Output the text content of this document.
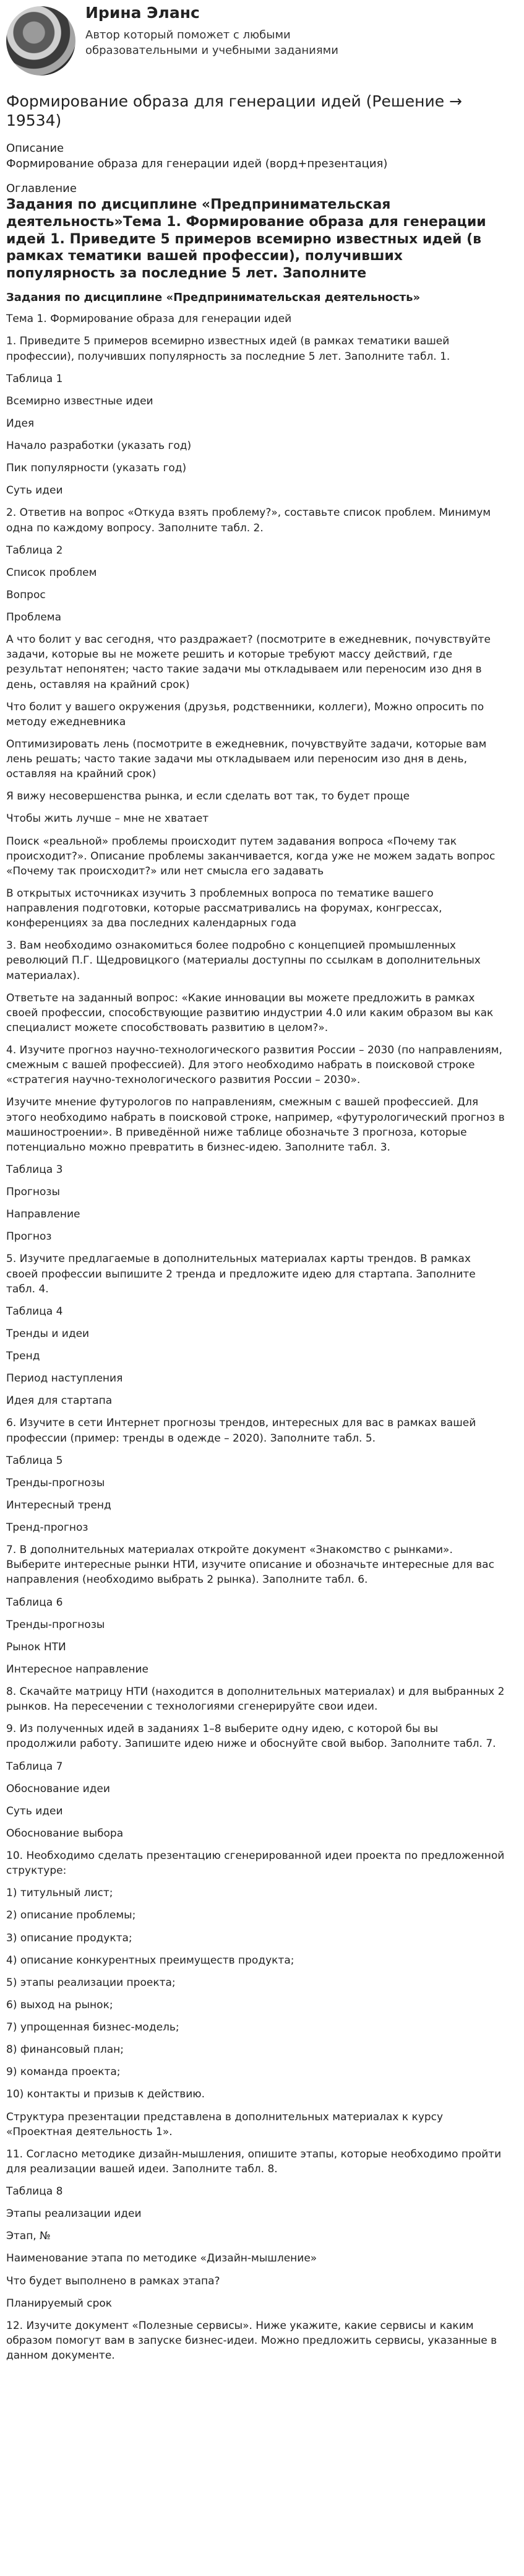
Ирина Эланс
Автор который поможет с любыми образовательными и учебными заданиями
Формирование образа для генерации идей (Решение → 19534)
Описание
Формирование образа для генерации идей (ворд+презентация)
Оглавление
Задания по дисциплине «Предпринимательская деятельность»Тема 1. Формирование образа для генерации идей 1. Приведите 5 примеров всемирно известных идей (в рамках тематики вашей профессии), получивших популярность за последние 5 лет. Заполните
Задания по дисциплине «Предпринимательская деятельность»
Тема 1. Формирование образа для генерации идей
1. Приведите 5 примеров всемирно известных идей (в рамках тематики вашей профессии), получивших популярность за последние 5 лет. Заполните табл. 1.
Таблица 1
Всемирно известные идеи
Идея
Начало разработки (указать год)
Пик популярности (указать год)
Суть идеи
2. Ответив на вопрос «Откуда взять проблему?», составьте список проблем. Минимум одна по каждому вопросу. Заполните табл. 2.
Таблица 2
Список проблем
Вопрос
Проблема
А что болит у вас сегодня, что раздражает? (посмотрите в ежедневник, почувствуйте задачи, которые вы не можете решить и которые требуют массу действий, где результат непонятен; часто такие задачи мы откладываем или переносим изо дня в день, оставляя на крайний срок)
Что болит у вашего окружения (друзья, родственники, коллеги), Можно опросить по методу ежедневника
Оптимизировать лень (посмотрите в ежедневник, почувствуйте задачи, которые вам лень решать; часто такие задачи мы откладываем или переносим изо дня в день, оставляя на крайний срок)
Я вижу несовершенства рынка, и если сделать вот так, то будет проще
Чтобы жить лучше – мне не хватает
Поиск «реальной» проблемы происходит путем задавания вопроса «Почему так происходит?». Описание проблемы заканчивается, когда уже не можем задать вопрос «Почему так происходит?» или нет смысла его задавать
В открытых источниках изучить 3 проблемных вопроса по тематике вашего направления подготовки, которые рассматривались на форумах, конгрессах, конференциях за два последних календарных года
3. Вам необходимо ознакомиться более подробно с концепцией промышленных революций П.Г. Щедровицкого (материалы доступны по ссылкам в дополнительных материалах).
Ответьте на заданный вопрос: «Какие инновации вы можете предложить в рамках своей профессии, способствующие развитию индустрии 4.0 или каким образом вы как специалист можете способствовать развитию в целом?».
4. Изучите прогноз научно-технологического развития России – 2030 (по направлениям, смежным с вашей профессией). Для этого необходимо набрать в поисковой строке «стратегия научно-технологического развития России – 2030».
Изучите мнение футурологов по направлениям, смежным с вашей профессией. Для этого необходимо набрать в поисковой строке, например, «футурологический прогноз в машиностроении». В приведённой ниже таблице обозначьте 3 прогноза, которые потенциально можно превратить в бизнес-идею. Заполните табл. 3.
Таблица 3
Прогнозы
Направление
Прогноз
5. Изучите предлагаемые в дополнительных материалах карты трендов. В рамках своей профессии выпишите 2 тренда и предложите идею для стартапа. Заполните табл. 4.
Таблица 4
Тренды и идеи
Тренд
Период наступления
Идея для стартапа
6. Изучите в сети Интернет прогнозы трендов, интересных для вас в рамках вашей профессии (пример: тренды в одежде – 2020). Заполните табл. 5.
Таблица 5
Тренды-прогнозы
Интересный тренд
Тренд-прогноз
7. В дополнительных материалах откройте документ «Знакомство с рынками». Выберите интересные рынки НТИ, изучите описание и обозначьте интересные для вас направления (необходимо выбрать 2 рынка). Заполните табл. 6.
Таблица 6
Тренды-прогнозы
Рынок НТИ
Интересное направление
8. Скачайте матрицу НТИ (находится в дополнительных материалах) и для выбранных 2 рынков. На пересечении с технологиями сгенерируйте свои идеи.
9. Из полученных идей в заданиях 1–8 выберите одну идею, с которой бы вы продолжили работу. Запишите идею ниже и обоснуйте свой выбор. Заполните табл. 7.
Таблица 7
Обоснование идеи
Суть идеи
Обоснование выбора
10. Необходимо сделать презентацию сгенерированной идеи проекта по предложенной структуре:
1) титульный лист;
2) описание проблемы;
3) описание продукта;
4) описание конкурентных преимуществ продукта;
5) этапы реализации проекта;
6) выход на рынок;
7) упрощенная бизнес-модель;
8) финансовый план;
9) команда проекта;
10) контакты и призыв к действию.
Структура презентации представлена в дополнительных материалах к курсу «Проектная деятельность 1».
11. Согласно методике дизайн-мышления, опишите этапы, которые необходимо пройти для реализации вашей идеи. Заполните табл. 8.
Таблица 8
Этапы реализации идеи
Этап, №
Наименование этапа по методике «Дизайн-мышление»
Что будет выполнено в рамках этапа?
Планируемый срок
12. Изучите документ «Полезные сервисы». Ниже укажите, какие сервисы и каким образом помогут вам в запуске бизнес-идеи. Можно предложить сервисы, указанные в данном документе.
